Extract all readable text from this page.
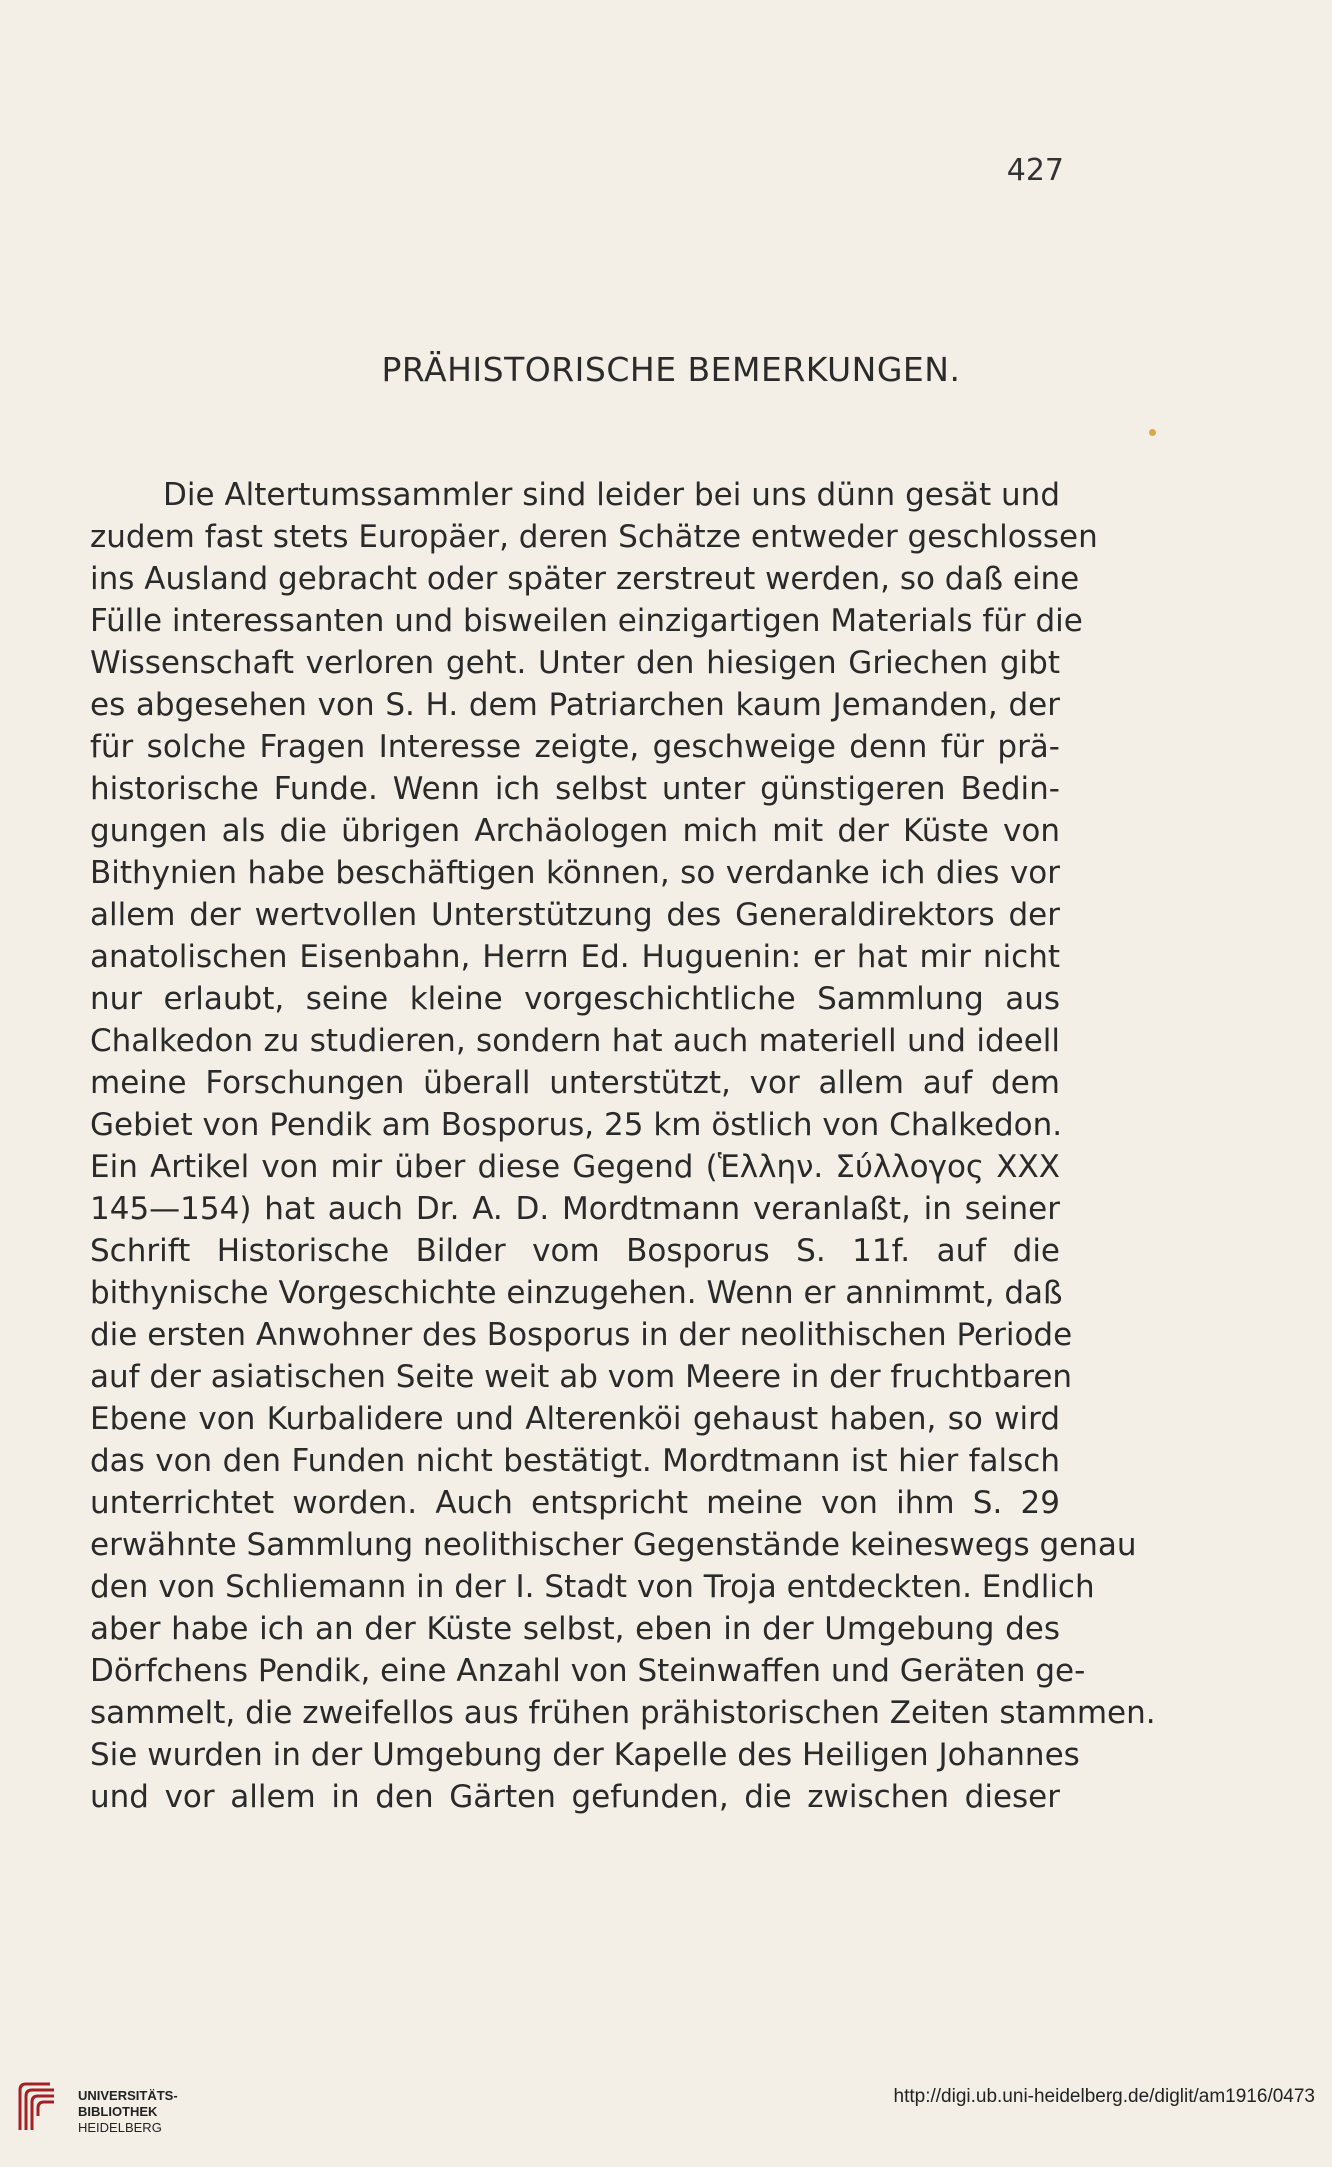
427
PRÄHISTORISCHE BEMERKUNGEN.
Die Altertumssammler sind leider bei uns dünn gesät und
zudem fast stets Europäer, deren Schätze entweder geschlossen
ins Ausland gebracht oder später zerstreut werden, so daß eine
Fülle interessanten und bisweilen einzigartigen Materials für die
Wissenschaft verloren geht. Unter den hiesigen Griechen gibt
es abgesehen von S. H. dem Patriarchen kaum Jemanden, der
für solche Fragen Interesse zeigte, geschweige denn für prä-
historische Funde. Wenn ich selbst unter günstigeren Bedin-
gungen als die übrigen Archäologen mich mit der Küste von
Bithynien habe beschäftigen können, so verdanke ich dies vor
allem der wertvollen Unterstützung des Generaldirektors der
anatolischen Eisenbahn, Herrn Ed. Huguenin: er hat mir nicht
nur erlaubt, seine kleine vorgeschichtliche Sammlung aus
Chalkedon zu studieren, sondern hat auch materiell und ideell
meine Forschungen überall unterstützt, vor allem auf dem
Gebiet von Pendik am Bosporus, 25 km östlich von Chalkedon.
Ein Artikel von mir über diese Gegend (Ἑλλην. Σύλλογος XXX
145—154) hat auch Dr. A. D. Mordtmann veranlaßt, in seiner
Schrift Historische Bilder vom Bosporus S. 11f. auf die
bithynische Vorgeschichte einzugehen. Wenn er annimmt, daß
die ersten Anwohner des Bosporus in der neolithischen Periode
auf der asiatischen Seite weit ab vom Meere in der fruchtbaren
Ebene von Kurbalidere und Alterenköi gehaust haben, so wird
das von den Funden nicht bestätigt. Mordtmann ist hier falsch
unterrichtet worden. Auch entspricht meine von ihm S. 29
erwähnte Sammlung neolithischer Gegenstände keineswegs genau
den von Schliemann in der I. Stadt von Troja entdeckten. Endlich
aber habe ich an der Küste selbst, eben in der Umgebung des
Dörfchens Pendik, eine Anzahl von Steinwaffen und Geräten ge-
sammelt, die zweifellos aus frühen prähistorischen Zeiten stammen.
Sie wurden in der Umgebung der Kapelle des Heiligen Johannes
und vor allem in den Gärten gefunden, die zwischen dieser
UNIVERSITÄTS-
BIBLIOTHEK
HEIDELBERG
http://digi.ub.uni-heidelberg.de/diglit/am1916/0473
